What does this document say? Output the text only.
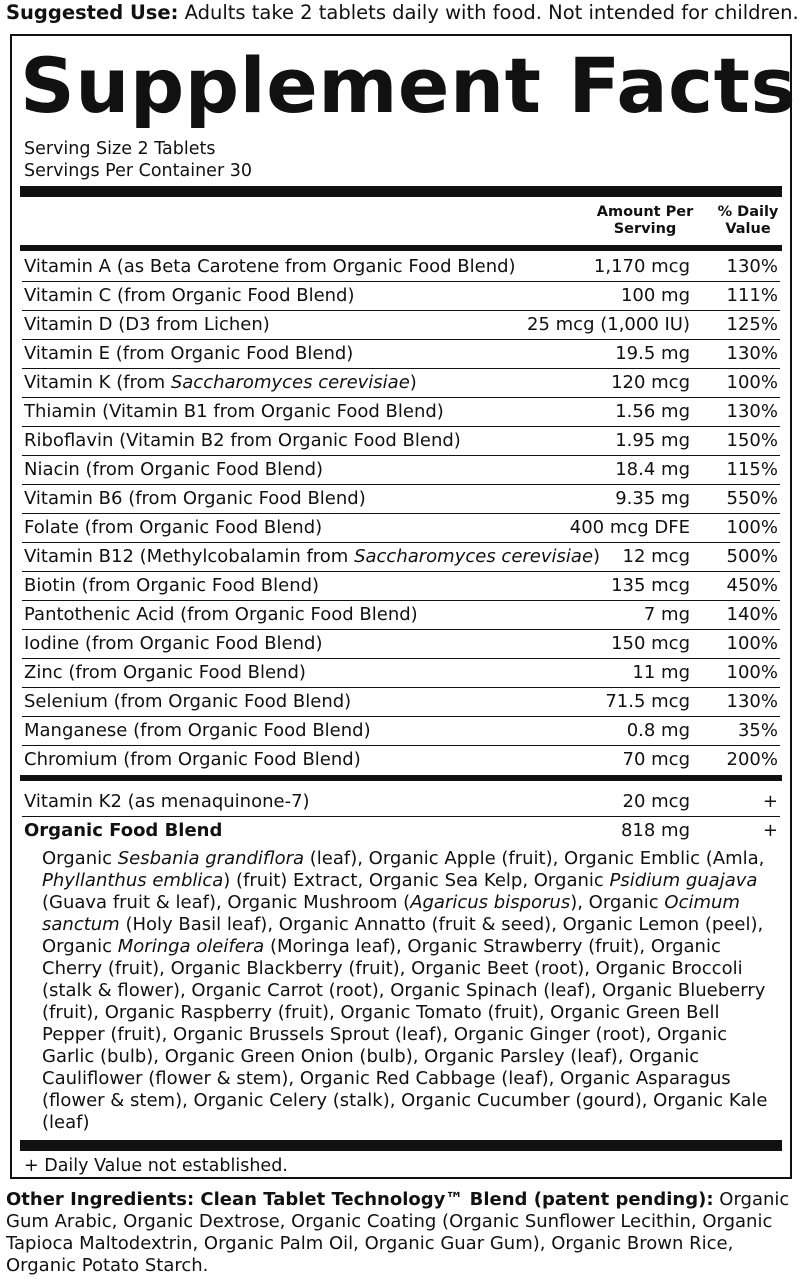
Suggested Use: Adults take 2 tablets daily with food. Not intended for children.
Supplement Facts
Serving Size 2 Tablets
Servings Per Container 30
Amount Per Serving
% Daily Value
Vitamin A (as Beta Carotene from Organic Food Blend)	1,170 mcg 130%
Vitamin C (from Organic Food Blend)	100 mg 111%
Vitamin D (D3 from Lichen)	25 mcg (1,000 IU) 125%
Vitamin E (from Organic Food Blend)	19.5 mg 130%
Vitamin K (from Saccharomyces cerevisiae)	120 mcg 100%
Thiamin (Vitamin B1 from Organic Food Blend)	1.56 mg 130%
Riboflavin (Vitamin B2 from Organic Food Blend)	1.95 mg 150%
Niacin (from Organic Food Blend)	18.4 mg 115%
Vitamin B6 (from Organic Food Blend)	9.35 mg 550%
Folate (from Organic Food Blend)	400 mcg DFE 100%
Vitamin B12 (Methylcobalamin from Saccharomyces cerevisiae) 12 mcg 500%
Biotin (from Organic Food Blend)	135 mcg 450%
Pantothenic Acid (from Organic Food Blend)	7 mg 140%
Iodine (from Organic Food Blend)	150 mcg 100%
Zinc (from Organic Food Blend)	11 mg 100%
Selenium (from Organic Food Blend)	71.5 mcg 130%
Manganese (from Organic Food Blend)	0.8 mg	35%
Chromium (from Organic Food Blend)	70 mcg 200%
Vitamin K2 (as menaquinone-7)	20 mcg	+
Organic Food Blend	818 mg	+
Organic Sesbania grandiflora (leaf), Organic Apple (fruit), Organic Emblic (Amla, Phyllanthus emblica) (fruit) Extract, Organic Sea Kelp, Organic Psidium guajava (Guava fruit & leaf), Organic Mushroom (Agaricus bisporus), Organic Ocimum sanctum (Holy Basil leaf), Organic Annatto (fruit & seed), Organic Lemon (peel), Organic Moringa oleifera (Moringa leaf), Organic Strawberry (fruit), Organic Cherry (fruit), Organic Blackberry (fruit), Organic Beet (root), Organic Broccoli (stalk & flower), Organic Carrot (root), Organic Spinach (leaf), Organic Blueberry (fruit), Organic Raspberry (fruit), Organic Tomato (fruit), Organic Green Bell Pepper (fruit), Organic Brussels Sprout (leaf), Organic Ginger (root), Organic Garlic (bulb), Organic Green Onion (bulb), Organic Parsley (leaf), Organic Cauliflower (flower & stem), Organic Red Cabbage (leaf), Organic Asparagus (flower & stem), Organic Celery (stalk), Organic Cucumber (gourd), Organic Kale (leaf)
+ Daily Value not established.
Other Ingredients: Clean Tablet Technology™ Blend (patent pending): Organic Gum Arabic, Organic Dextrose, Organic Coating (Organic Sunflower Lecithin, Organic Tapioca Maltodextrin, Organic Palm Oil, Organic Guar Gum), Organic Brown Rice, Organic Potato Starch.
